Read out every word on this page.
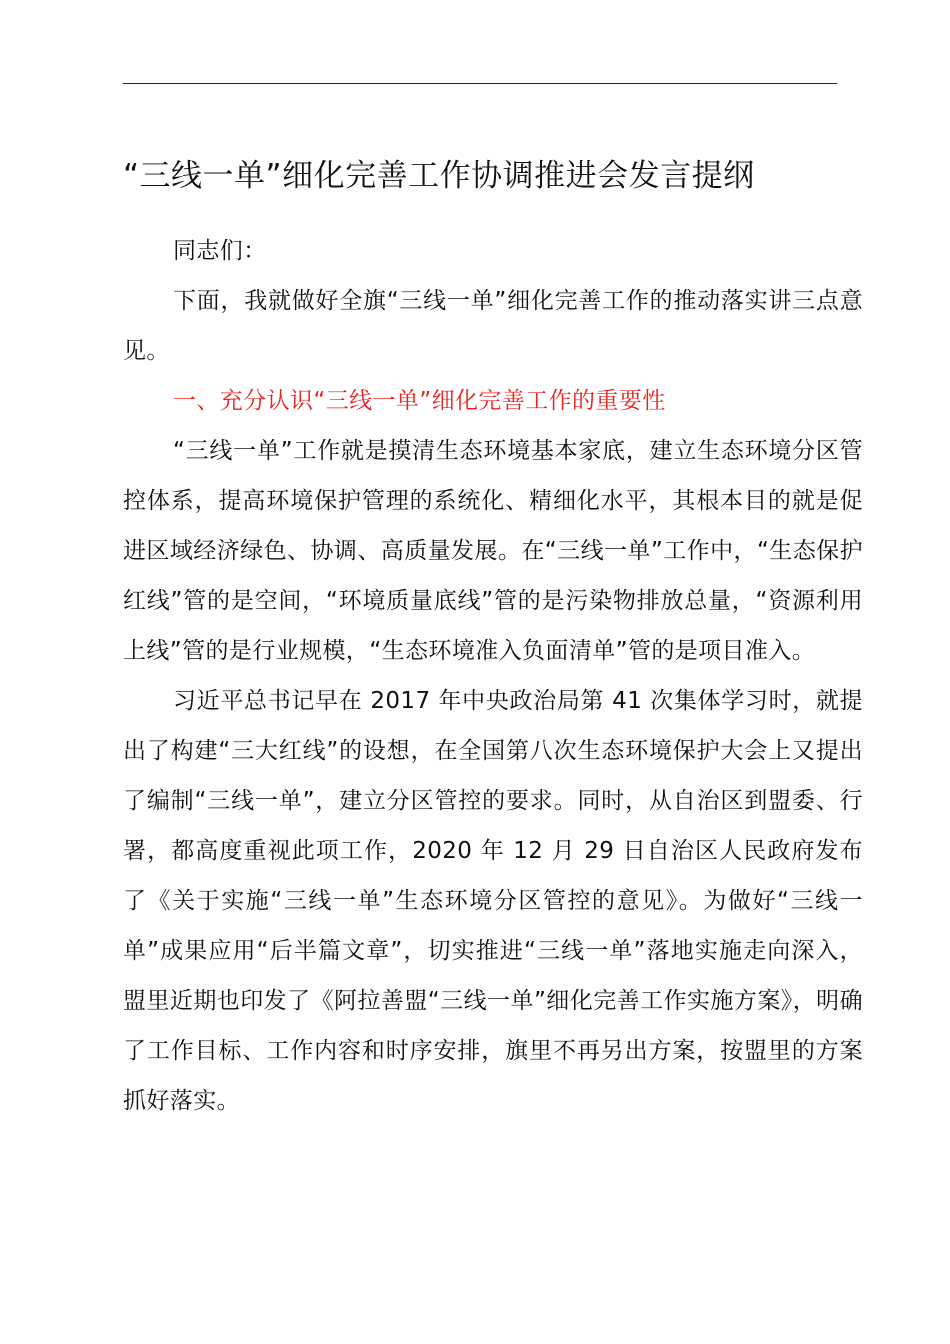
“三线一单”细化完善工作协调推进会发言提纲

同志们：

下面，我就做好全旗“三线一单”细化完善工作的推动落实讲三点意见。

一、充分认识“三线一单”细化完善工作的重要性

“三线一单”工作就是摸清生态环境基本家底，建立生态环境分区管控体系，提高环境保护管理的系统化、精细化水平，其根本目的就是促进区域经济绿色、协调、高质量发展。在“三线一单”工作中，“生态保护红线”管的是空间，“环境质量底线”管的是污染物排放总量，“资源利用上线”管的是行业规模，“生态环境准入负面清单”管的是项目准入。

习近平总书记早在 2017 年中央政治局第 41 次集体学习时，就提出了构建“三大红线”的设想，在全国第八次生态环境保护大会上又提出了编制“三线一单”，建立分区管控的要求。同时，从自治区到盟委、行署，都高度重视此项工作，2020 年 12 月 29 日自治区人民政府发布了《关于实施“三线一单”生态环境分区管控的意见》。为做好“三线一单”成果应用“后半篇文章”，切实推进“三线一单”落地实施走向深入，盟里近期也印发了《阿拉善盟“三线一单”细化完善工作实施方案》，明确了工作目标、工作内容和时序安排，旗里不再另出方案，按盟里的方案抓好落实。
